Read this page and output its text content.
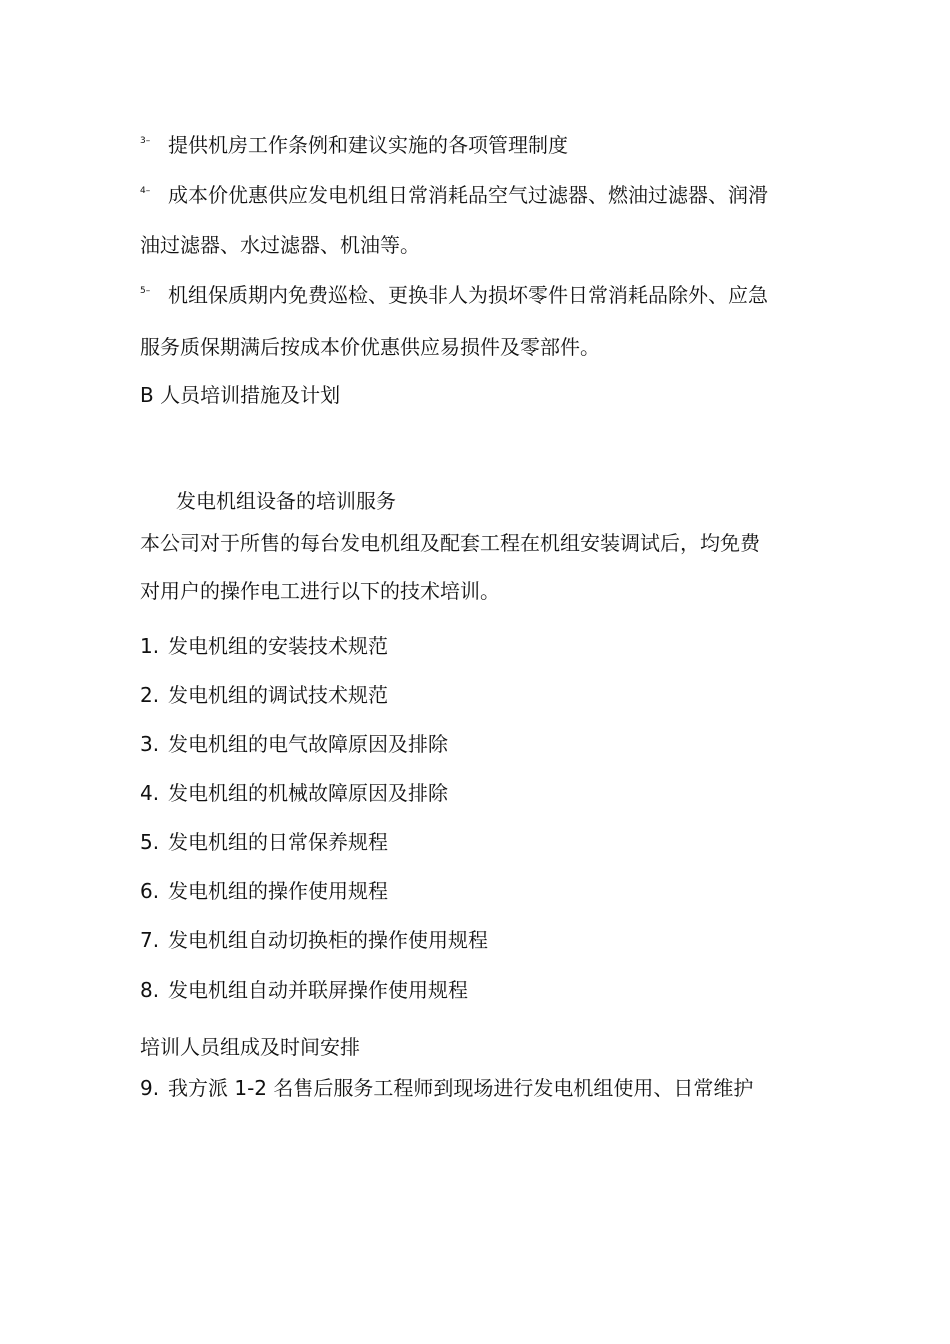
3– 提供机房工作条例和建议实施的各项管理制度
4– 成本价优惠供应发电机组日常消耗品空气过滤器、燃油过滤器、润滑
油过滤器、水过滤器、机油等。
5– 机组保质期内免费巡检、更换非人为损坏零件日常消耗品除外、应急
服务质保期满后按成本价优惠供应易损件及零部件。
B 人员培训措施及计划
发电机组设备的培训服务
本公司对于所售的每台发电机组及配套工程在机组安装调试后，均免费
对用户的操作电工进行以下的技术培训。
1. 发电机组的安装技术规范
2. 发电机组的调试技术规范
3. 发电机组的电气故障原因及排除
4. 发电机组的机械故障原因及排除
5. 发电机组的日常保养规程
6. 发电机组的操作使用规程
7. 发电机组自动切换柜的操作使用规程
8. 发电机组自动并联屏操作使用规程
培训人员组成及时间安排
9. 我方派 1-2 名售后服务工程师到现场进行发电机组使用、日常维护
